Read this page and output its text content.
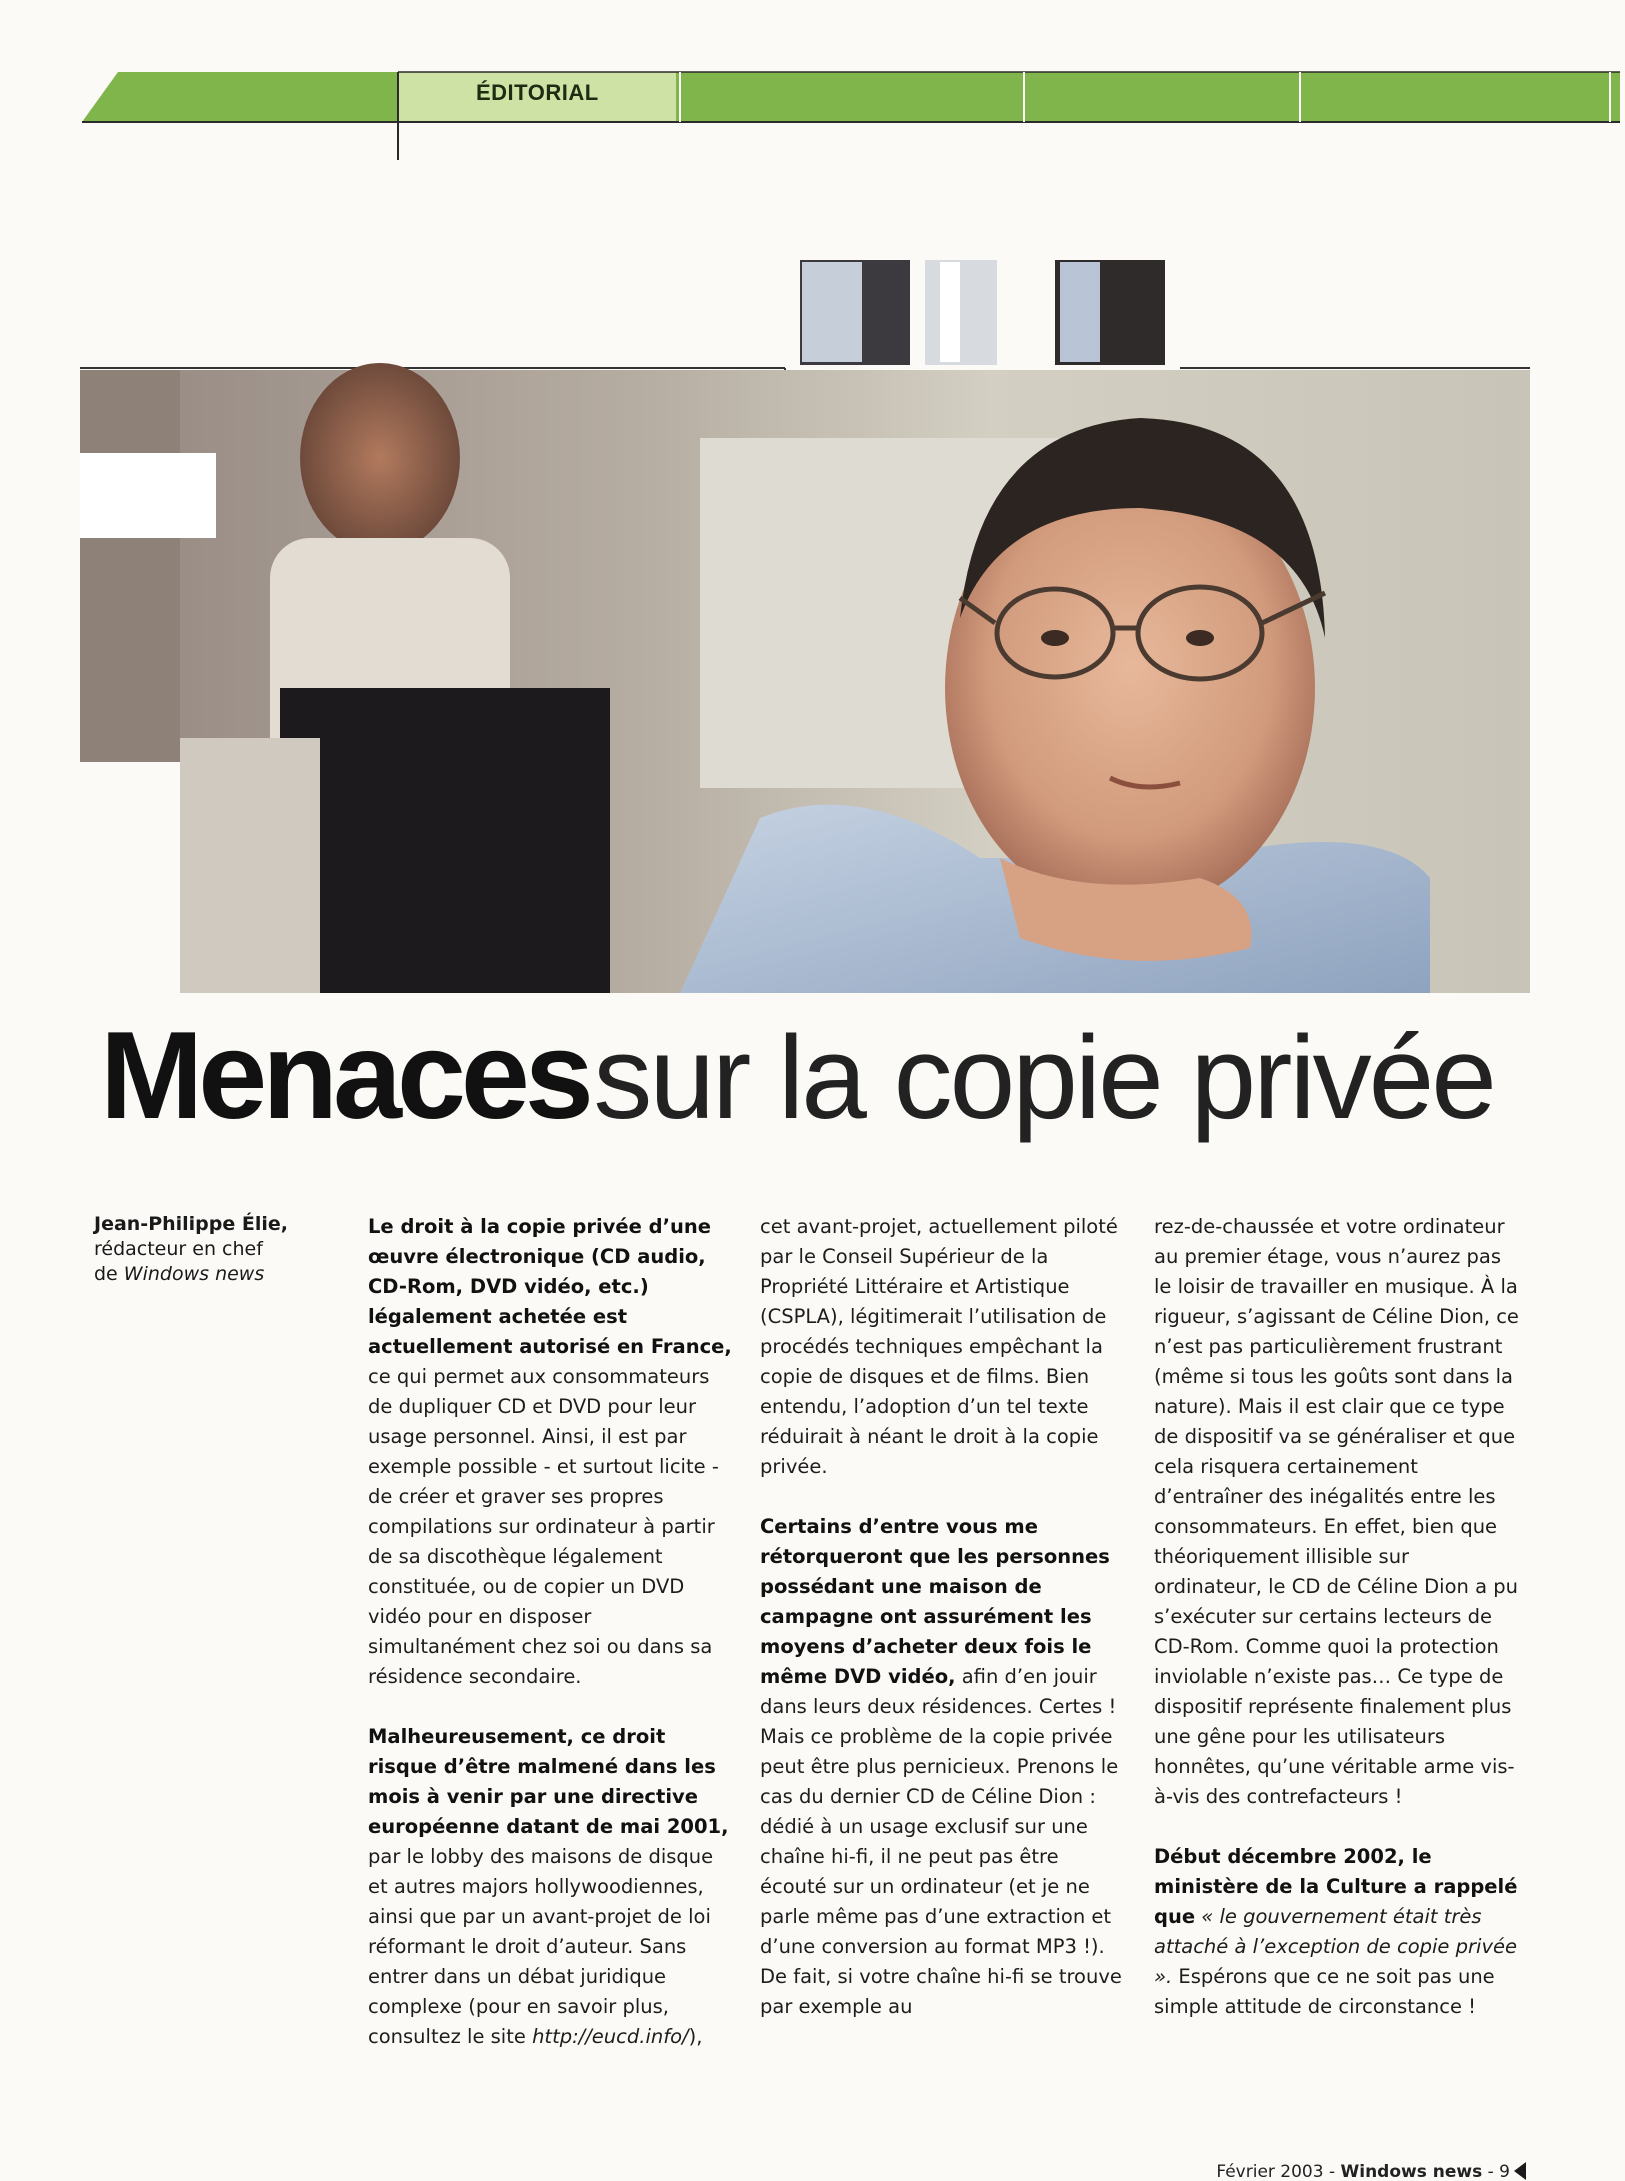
ÉDITORIAL
Menaces sur la copie privée
Jean-Philippe Élie,
rédacteur en chef
de Windows news

Le droit à la copie privée d’une œuvre électronique (CD audio, CD-Rom, DVD vidéo, etc.) légalement achetée est actuellement autorisé en France, ce qui permet aux consommateurs de dupliquer CD et DVD pour leur usage personnel. Ainsi, il est par exemple possible - et surtout licite - de créer et graver ses propres compilations sur ordinateur à partir de sa discothèque légalement constituée, ou de copier un DVD vidéo pour en disposer simultanément chez soi ou dans sa résidence secondaire.

Malheureusement, ce droit risque d’être malmené dans les mois à venir par une directive européenne datant de mai 2001, par le lobby des maisons de disque et autres majors hollywoodiennes, ainsi que par un avant-projet de loi réformant le droit d’auteur. Sans entrer dans un débat juridique complexe (pour en savoir plus, consultez le site http://eucd.info/),

cet avant-projet, actuellement piloté par le Conseil Supérieur de la Propriété Littéraire et Artistique (CSPLA), légitimerait l’utilisation de procédés techniques empêchant la copie de disques et de films. Bien entendu, l’adoption d’un tel texte réduirait à néant le droit à la copie privée.

Certains d’entre vous me rétorqueront que les personnes possédant une maison de campagne ont assurément les moyens d’acheter deux fois le même DVD vidéo, afin d’en jouir dans leurs deux résidences. Certes ! Mais ce problème de la copie privée peut être plus pernicieux. Prenons le cas du dernier CD de Céline Dion : dédié à un usage exclusif sur une chaîne hi-fi, il ne peut pas être écouté sur un ordinateur (et je ne parle même pas d’une extraction et d’une conversion au format MP3 !). De fait, si votre chaîne hi-fi se trouve par exemple au

rez-de-chaussée et votre ordinateur au premier étage, vous n’aurez pas le loisir de travailler en musique. À la rigueur, s’agissant de Céline Dion, ce n’est pas particulièrement frustrant (même si tous les goûts sont dans la nature). Mais il est clair que ce type de dispositif va se généraliser et que cela risquera certainement d’entraîner des inégalités entre les consommateurs. En effet, bien que théoriquement illisible sur ordinateur, le CD de Céline Dion a pu s’exécuter sur certains lecteurs de CD-Rom. Comme quoi la protection inviolable n’existe pas… Ce type de dispositif représente finalement plus une gêne pour les utilisateurs honnêtes, qu’une véritable arme vis-à-vis des contrefacteurs !

Début décembre 2002, le ministère de la Culture a rappelé que « le gouvernement était très attaché à l’exception de copie privée ». Espérons que ce ne soit pas une simple attitude de circonstance !

Février 2003 - Windows news - 9
